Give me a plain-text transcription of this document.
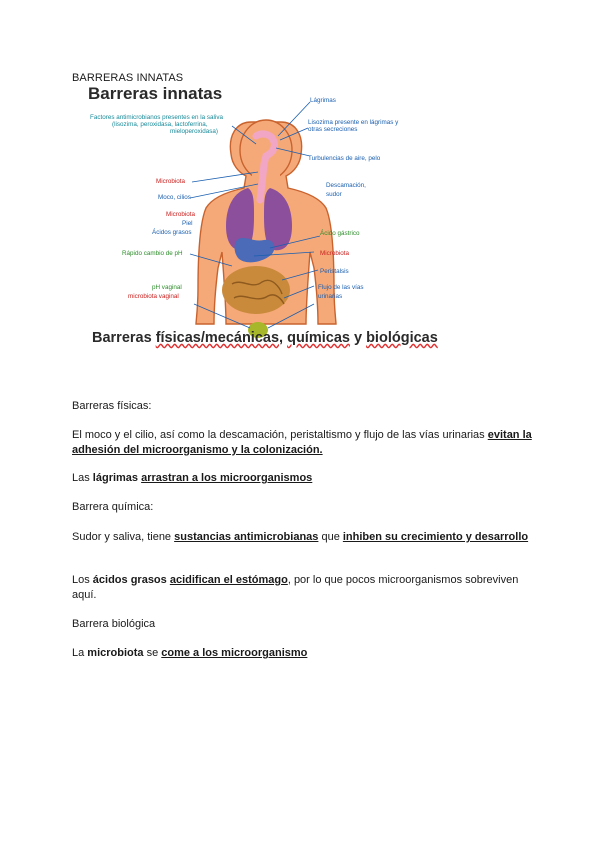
BARRERAS INNATAS
Barreras innatas
Factores antimicrobianos presentes en la saliva
(lisozima, peroxidasa, lactoferrina,
mieloperoxidasa)
Lágrimas
Lisozima presente en lágrimas y
otras secreciones
Turbulencias de aire, pelo
Microbiota
Moco, cilios
Descamación,
sudor
Microbiota
Piel
Ácidos grasos	Ácido gástrico
Rápido cambio de pH	Microbiota
Peristalsis
pH vaginal
microbiota vaginal
Flujo de las vías
urinarias
Barreras físicas/mecánicas, químicas y biológicas
Barreras físicas:
El moco y el cilio, así como la descamación, peristaltismo y flujo de las vías urinarias evitan la adhesión del microorganismo y la colonización.
Las lágrimas arrastran a los microorganismos
Barrera química:
Sudor y saliva, tiene sustancias antimicrobianas que inhiben su crecimiento y desarrollo
Los ácidos grasos acidifican el estómago, por lo que pocos microorganismos sobreviven aquí.
Barrera biológica
La microbiota se come a los microorganismo
